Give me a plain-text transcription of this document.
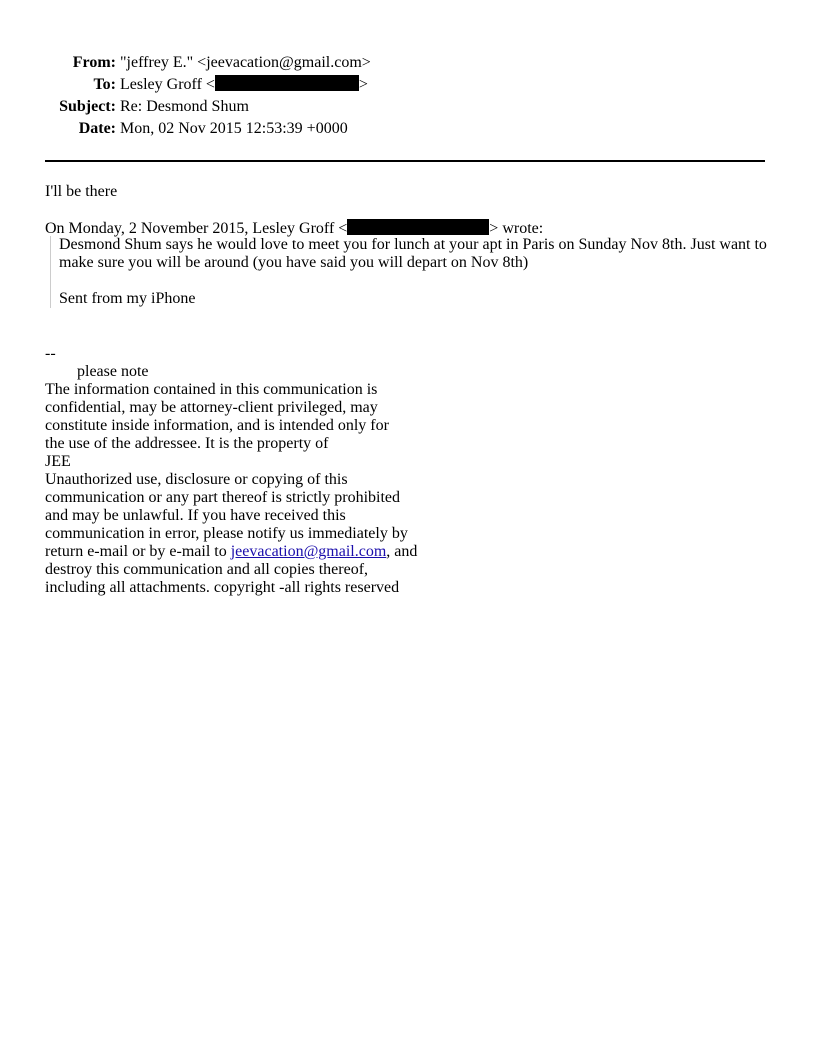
From: "jeffrey E." <jeevacation@gmail.com>
To: Lesley Groff <	>
Subject: Re: Desmond Shum
Date: Mon, 02 Nov 2015 12:53:39 +0000
I'll be there
On Monday, 2 November 2015, Lesley Groff <	> wrote:

Desmond Shum says he would love to meet you for lunch at your apt in Paris on Sunday Nov 8th. Just want to

make sure you will be around (you have said you will depart on Nov 8th)

Sent from my iPhone

--
please note
The information contained in this communication is
confidential, may be attorney-client privileged, may
constitute inside information, and is intended only for
the use of the addressee. It is the property of
JEE
Unauthorized use, disclosure or copying of this
communication or any part thereof is strictly prohibited
and may be unlawful. If you have received this
communication in error, please notify us immediately by
return e-mail or by e-mail to jeevacation@gmail.com, and
destroy this communication and all copies thereof,
including all attachments. copyright -all rights reserved
